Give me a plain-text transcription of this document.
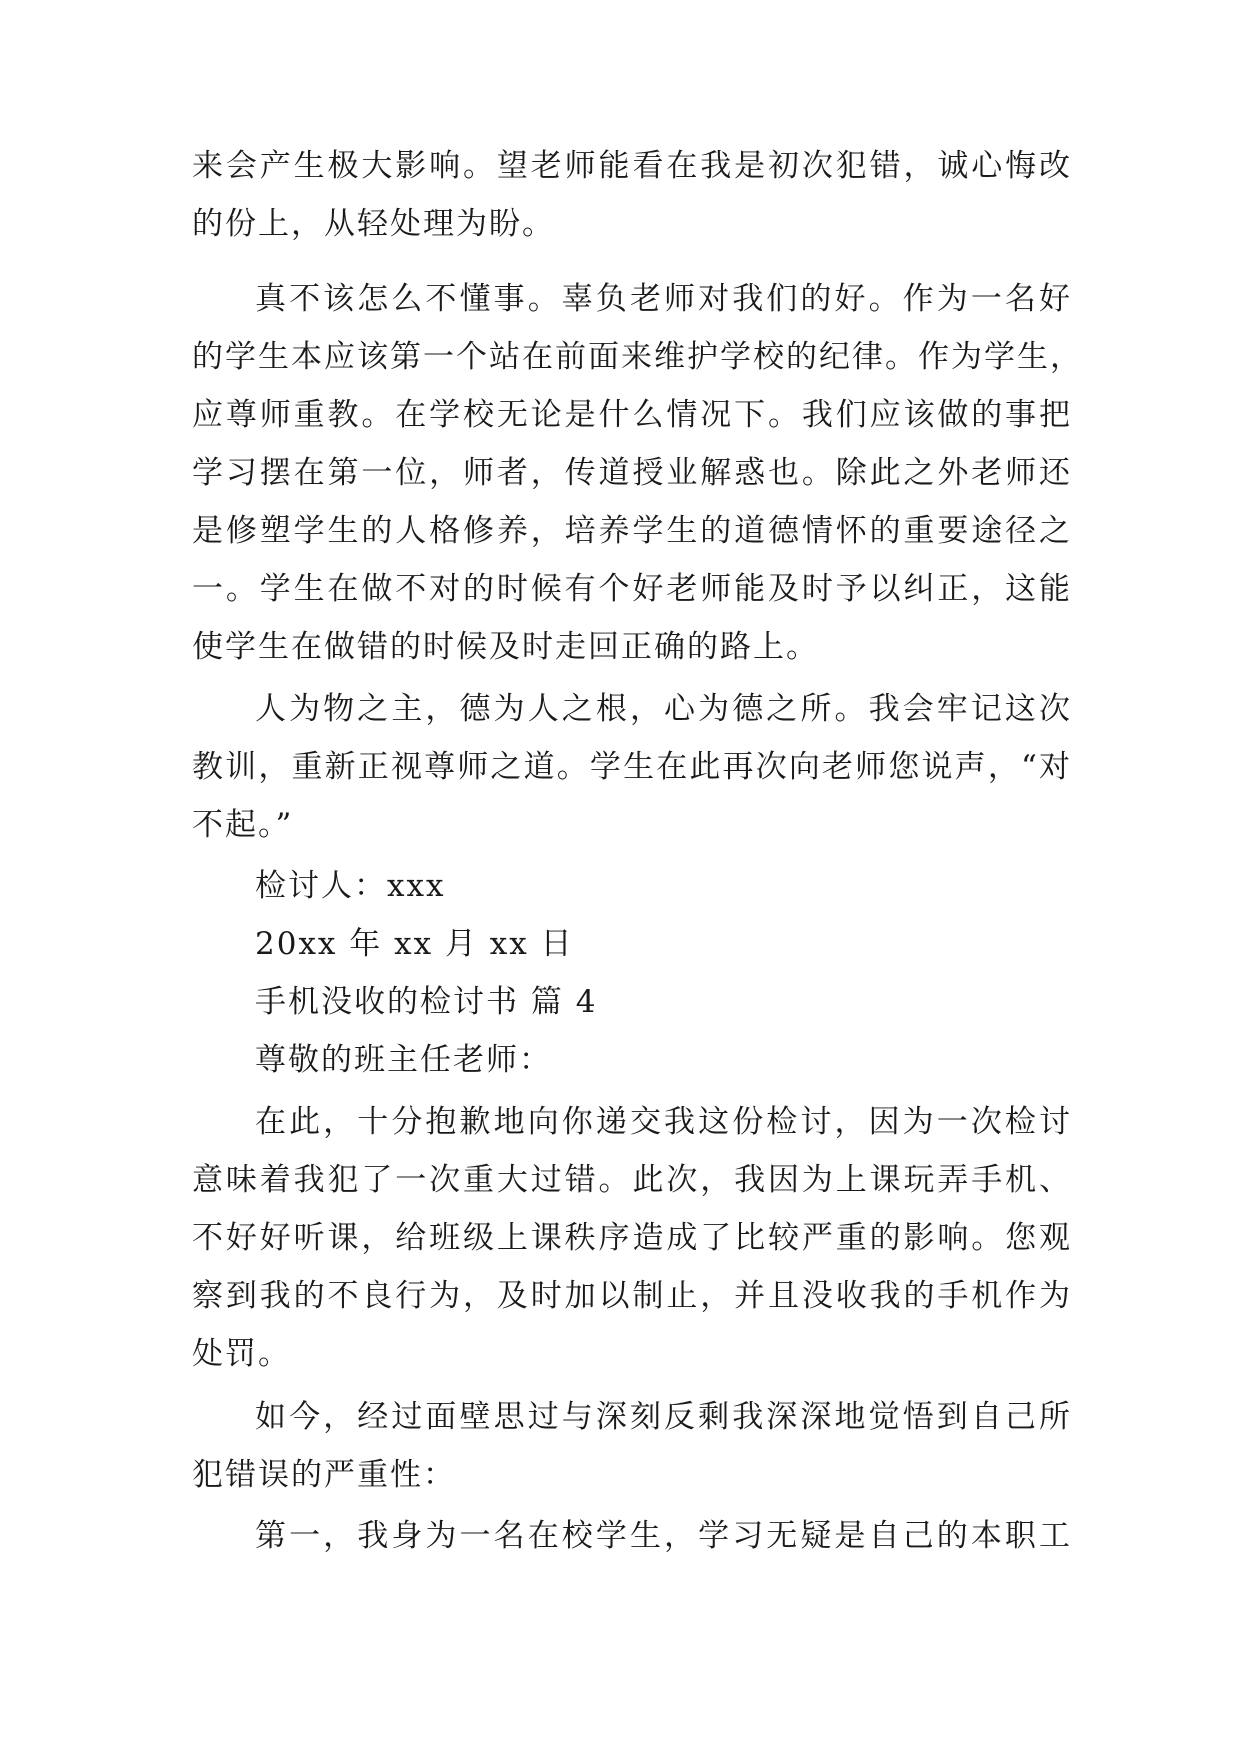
来会产生极大影响。望老师能看在我是初次犯错，诚心悔改
的份上，从轻处理为盼。
真不该怎么不懂事。辜负老师对我们的好。作为一名好
的学生本应该第一个站在前面来维护学校的纪律。作为学生，
应尊师重教。在学校无论是什么情况下。我们应该做的事把
学习摆在第一位，师者，传道授业解惑也。除此之外老师还
是修塑学生的人格修养，培养学生的道德情怀的重要途径之
一。学生在做不对的时候有个好老师能及时予以纠正，这能
使学生在做错的时候及时走回正确的路上。
人为物之主，德为人之根，心为德之所。我会牢记这次
教训，重新正视尊师之道。学生在此再次向老师您说声，“对
不起。”
检讨人：xxx
20xx 年 xx 月 xx 日
手机没收的检讨书 篇 4
尊敬的班主任老师：
在此，十分抱歉地向你递交我这份检讨，因为一次检讨
意味着我犯了一次重大过错。此次，我因为上课玩弄手机、
不好好听课，给班级上课秩序造成了比较严重的影响。您观
察到我的不良行为，及时加以制止，并且没收我的手机作为
处罚。
如今，经过面壁思过与深刻反剩我深深地觉悟到自己所
犯错误的严重性：
第一，我身为一名在校学生，学习无疑是自己的本职工
